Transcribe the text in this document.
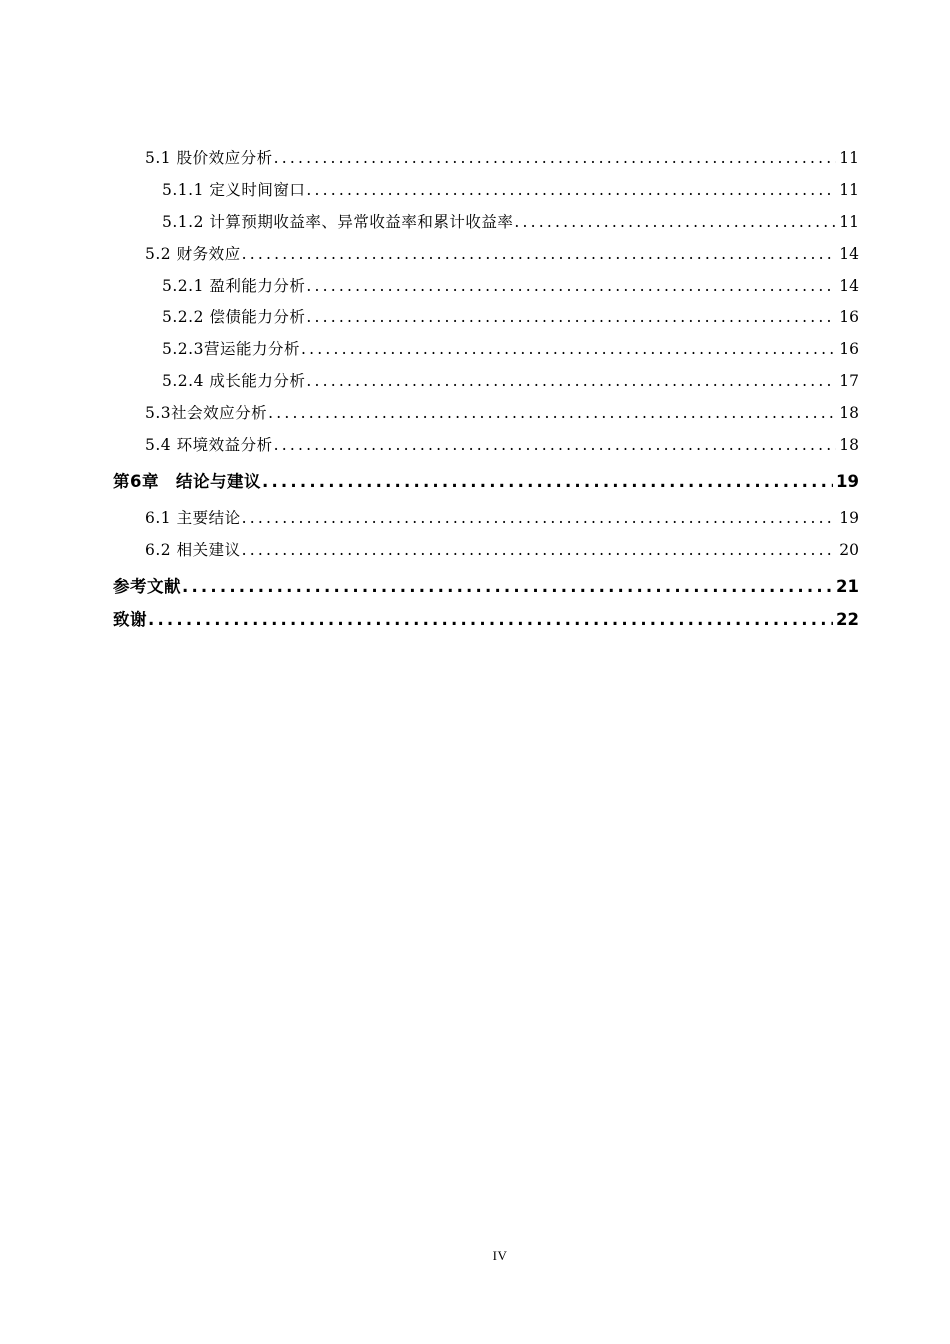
5.1 股价效应分析 .....	11
5.1.1 定义时间窗口 .....	11
5.1.2 计算预期收益率、异常收益率和累计收益率 .....	11
5.2 财务效应 .....	14
5.2.1 盈利能力分析 .....	14
5.2.2 偿债能力分析 .....	16
5.2.3营运能力分析 .....	16
5.2.4 成长能力分析 .....	17
5.3社会效应分析 .....	18
5.4 环境效益分析 .....	18
第6章　结论与建议 .....	19
6.1 主要结论 .....	19
6.2 相关建议 .....	20
参考文献 .....	21
致谢 .....	22
IV
